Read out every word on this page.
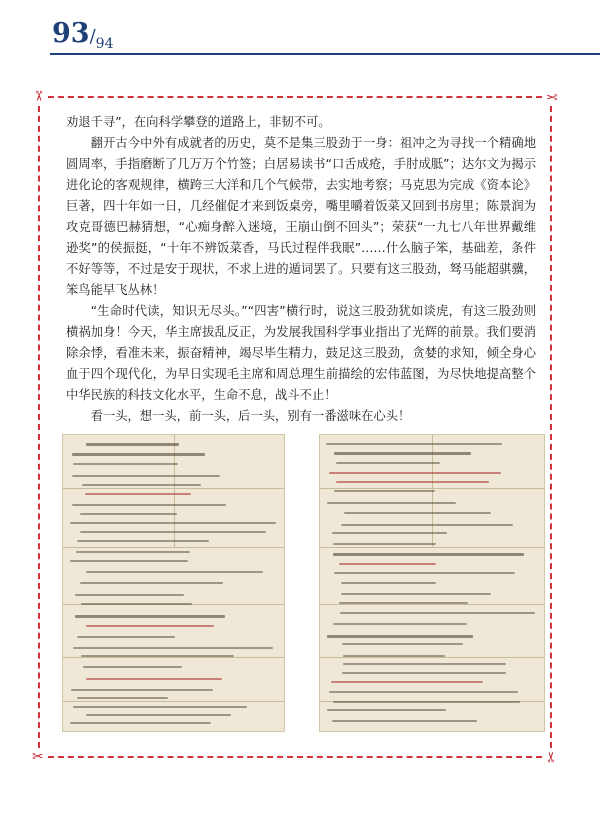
93/94
✂	✂
✂	✂

劝退千寻”，在向科学攀登的道路上，非韧不可。

翻开古今中外有成就者的历史，莫不是集三股劲于一身：祖冲之为寻找一个精确地圆周率，手指磨断了几万万个竹签；白居易读书“口舌成疮，手肘成胝”；达尔文为揭示进化论的客观规律，横跨三大洋和几个气候带，去实地考察；马克思为完成《资本论》巨著，四十年如一日，几经催促才来到饭桌旁，嘴里嚼着饭菜又回到书房里；陈景润为攻克哥德巴赫猜想，“心痴身醉入迷境，王崩山倒不回头”；荣获“一九七八年世界戴维逊奖”的侯振挺，“十年不辨饭菜香，马氏过程伴我眠”……什么脑子笨，基础差，条件不好等等，不过是安于现状，不求上进的遁词罢了。只要有这三股劲，驽马能超骐骥，笨鸟能早飞丛林！

“生命时代读，知识无尽头。”“四害”横行时，说这三股劲犹如谈虎，有这三股劲则横祸加身！今天，华主席拔乱反正，为发展我国科学事业指出了光辉的前景。我们要消除余悸，看准未来，振奋精神，竭尽毕生精力，鼓足这三股劲，贪婪的求知，倾全身心血于四个现代化，为早日实现毛主席和周总理生前描绘的宏伟蓝图，为尽快地提高整个中华民族的科技文化水平，生命不息，战斗不止！

看一头，想一头，前一头，后一头，别有一番滋味在心头！
